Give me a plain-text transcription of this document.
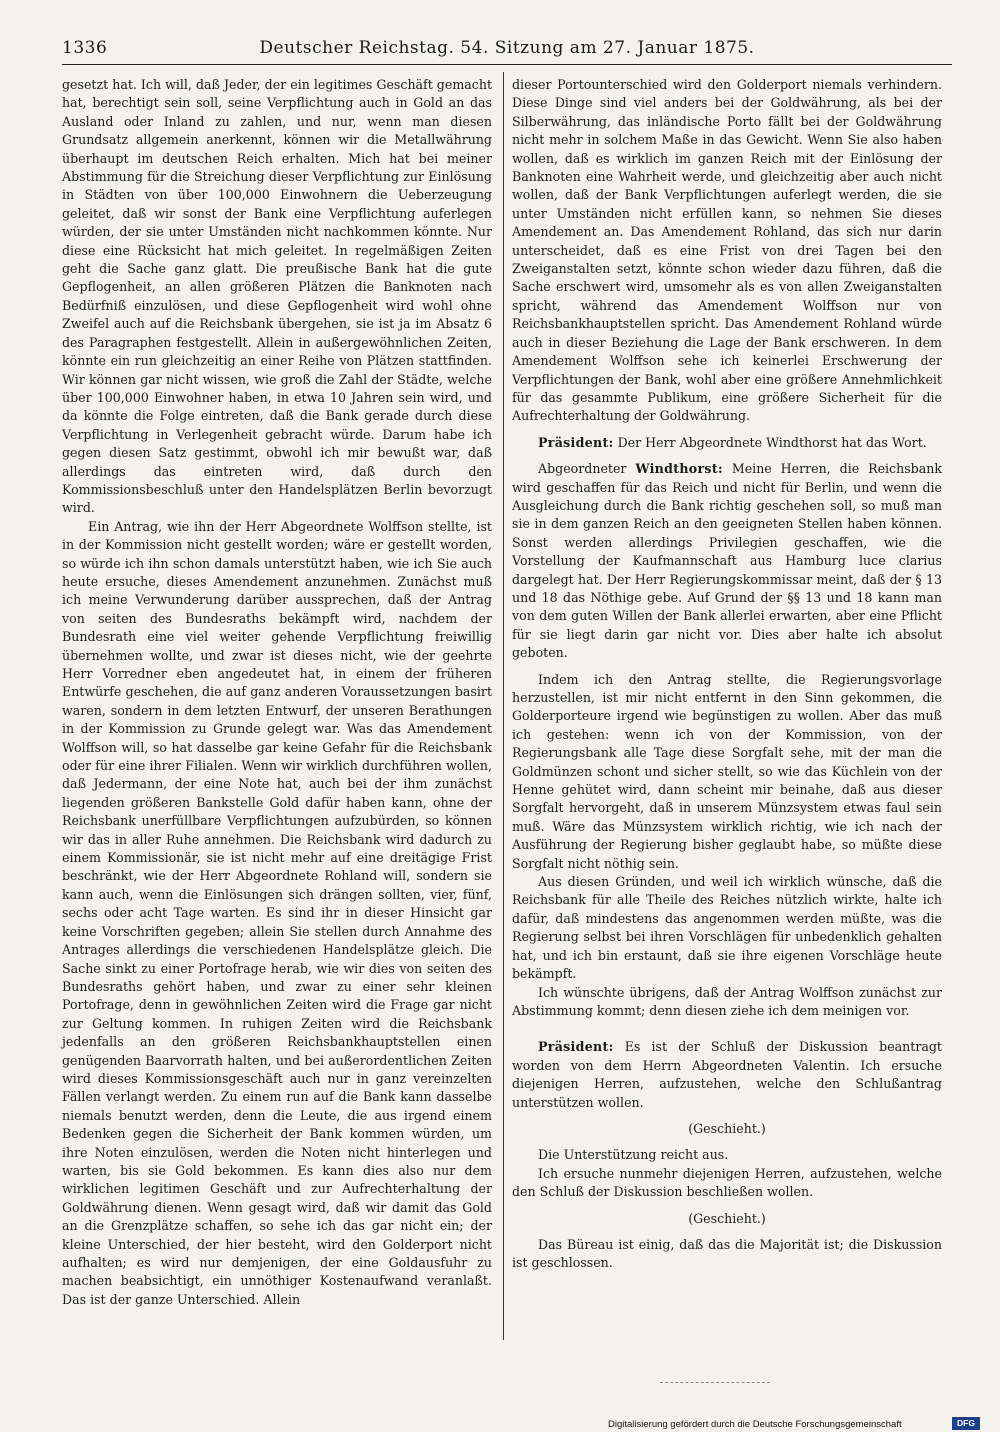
1336	Deutscher Reichstag. 54. Sitzung am 27. Januar 1875.

gesetzt hat. Ich will, daß Jeder, der ein legitimes Geschäft gemacht hat, berechtigt sein soll, seine Verpflichtung auch in Gold an das Ausland oder Inland zu zahlen, und nur, wenn man diesen Grundsatz allgemein anerkennt, können wir die Metallwährung überhaupt im deutschen Reich erhalten. Mich hat bei meiner Abstimmung für die Streichung dieser Verpflichtung zur Einlösung in Städten von über 100,000 Einwohnern die Ueberzeugung geleitet, daß wir sonst der Bank eine Verpflichtung auferlegen würden, der sie unter Umständen nicht nachkommen könnte. Nur diese eine Rücksicht hat mich geleitet. In regelmäßigen Zeiten geht die Sache ganz glatt. Die preußische Bank hat die gute Gepflogenheit, an allen größeren Plätzen die Banknoten nach Bedürfniß einzulösen, und diese Gepflogenheit wird wohl ohne Zweifel auch auf die Reichsbank übergehen, sie ist ja im Absatz 6 des Paragraphen festgestellt. Allein in außergewöhnlichen Zeiten, könnte ein run gleichzeitig an einer Reihe von Plätzen stattfinden. Wir können gar nicht wissen, wie groß die Zahl der Städte, welche über 100,000 Einwohner haben, in etwa 10 Jahren sein wird, und da könnte die Folge eintreten, daß die Bank gerade durch diese Verpflichtung in Verlegenheit gebracht würde. Darum habe ich gegen diesen Satz gestimmt, obwohl ich mir bewußt war, daß allerdings das eintreten wird, daß durch den Kommissionsbeschluß unter den Handelsplätzen Berlin bevorzugt wird.

Ein Antrag, wie ihn der Herr Abgeordnete Wolffson stellte, ist in der Kommission nicht gestellt worden; wäre er gestellt worden, so würde ich ihn schon damals unterstützt haben, wie ich Sie auch heute ersuche, dieses Amendement anzunehmen. Zunächst muß ich meine Verwunderung darüber aussprechen, daß der Antrag von seiten des Bundesraths bekämpft wird, nachdem der Bundesrath eine viel weiter gehende Verpflichtung freiwillig übernehmen wollte, und zwar ist dieses nicht, wie der geehrte Herr Vorredner eben angedeutet hat, in einem der früheren Entwürfe geschehen, die auf ganz anderen Voraussetzungen basirt waren, sondern in dem letzten Entwurf, der unseren Berathungen in der Kommission zu Grunde gelegt war. Was das Amendement Wolffson will, so hat dasselbe gar keine Gefahr für die Reichsbank oder für eine ihrer Filialen. Wenn wir wirklich durchführen wollen, daß Jedermann, der eine Note hat, auch bei der ihm zunächst liegenden größeren Bankstelle Gold dafür haben kann, ohne der Reichsbank unerfüllbare Verpflichtungen aufzubürden, so können wir das in aller Ruhe annehmen. Die Reichsbank wird dadurch zu einem Kommissionär, sie ist nicht mehr auf eine dreitägige Frist beschränkt, wie der Herr Abgeordnete Rohland will, sondern sie kann auch, wenn die Einlösungen sich drängen sollten, vier, fünf, sechs oder acht Tage warten. Es sind ihr in dieser Hinsicht gar keine Vorschriften gegeben; allein Sie stellen durch Annahme des Antrages allerdings die verschiedenen Handelsplätze gleich. Die Sache sinkt zu einer Portofrage herab, wie wir dies von seiten des Bundesraths gehört haben, und zwar zu einer sehr kleinen Portofrage, denn in gewöhnlichen Zeiten wird die Frage gar nicht zur Geltung kommen. In ruhigen Zeiten wird die Reichsbank jedenfalls an den größeren Reichsbankhauptstellen einen genügenden Baarvorrath halten, und bei außerordentlichen Zeiten wird dieses Kommissionsgeschäft auch nur in ganz vereinzelten Fällen verlangt werden. Zu einem run auf die Bank kann dasselbe niemals benutzt werden, denn die Leute, die aus irgend einem Bedenken gegen die Sicherheit der Bank kommen würden, um ihre Noten einzulösen, werden die Noten nicht hinterlegen und warten, bis sie Gold bekommen. Es kann dies also nur dem wirklichen legitimen Geschäft und zur Aufrechterhaltung der Goldwährung dienen. Wenn gesagt wird, daß wir damit das Gold an die Grenzplätze schaffen, so sehe ich das gar nicht ein; der kleine Unterschied, der hier besteht, wird den Golderport nicht aufhalten; es wird nur demjenigen, der eine Goldausfuhr zu machen beabsichtigt, ein unnöthiger Kostenaufwand veranlaßt. Das ist der ganze Unterschied. Allein

dieser Portounterschied wird den Golderport niemals verhindern. Diese Dinge sind viel anders bei der Goldwährung, als bei der Silberwährung, das inländische Porto fällt bei der Goldwährung nicht mehr in solchem Maße in das Gewicht. Wenn Sie also haben wollen, daß es wirklich im ganzen Reich mit der Einlösung der Banknoten eine Wahrheit werde, und gleichzeitig aber auch nicht wollen, daß der Bank Verpflichtungen auferlegt werden, die sie unter Umständen nicht erfüllen kann, so nehmen Sie dieses Amendement an. Das Amendement Rohland, das sich nur darin unterscheidet, daß es eine Frist von drei Tagen bei den Zweiganstalten setzt, könnte schon wieder dazu führen, daß die Sache erschwert wird, umsomehr als es von allen Zweiganstalten spricht, während das Amendement Wolffson nur von Reichsbankhauptstellen spricht. Das Amendement Rohland würde auch in dieser Beziehung die Lage der Bank erschweren. In dem Amendement Wolffson sehe ich keinerlei Erschwerung der Verpflichtungen der Bank, wohl aber eine größere Annehmlichkeit für das gesammte Publikum, eine größere Sicherheit für die Aufrechterhaltung der Goldwährung.

Präsident: Der Herr Abgeordnete Windthorst hat das Wort.

Abgeordneter Windthorst: Meine Herren, die Reichsbank wird geschaffen für das Reich und nicht für Berlin, und wenn die Ausgleichung durch die Bank richtig geschehen soll, so muß man sie in dem ganzen Reich an den geeigneten Stellen haben können. Sonst werden allerdings Privilegien geschaffen, wie die Vorstellung der Kaufmannschaft aus Hamburg luce clarius dargelegt hat. Der Herr Regierungskommissar meint, daß der § 13 und 18 das Nöthige gebe. Auf Grund der §§ 13 und 18 kann man von dem guten Willen der Bank allerlei erwarten, aber eine Pflicht für sie liegt darin gar nicht vor. Dies aber halte ich absolut geboten.

Indem ich den Antrag stellte, die Regierungsvorlage herzustellen, ist mir nicht entfernt in den Sinn gekommen, die Golderporteure irgend wie begünstigen zu wollen. Aber das muß ich gestehen: wenn ich von der Kommission, von der Regierungsbank alle Tage diese Sorgfalt sehe, mit der man die Goldmünzen schont und sicher stellt, so wie das Küchlein von der Henne gehütet wird, dann scheint mir beinahe, daß aus dieser Sorgfalt hervorgeht, daß in unserem Münzsystem etwas faul sein muß. Wäre das Münzsystem wirklich richtig, wie ich nach der Ausführung der Regierung bisher geglaubt habe, so müßte diese Sorgfalt nicht nöthig sein.

Aus diesen Gründen, und weil ich wirklich wünsche, daß die Reichsbank für alle Theile des Reiches nützlich wirkte, halte ich dafür, daß mindestens das angenommen werden müßte, was die Regierung selbst bei ihren Vorschlägen für unbedenklich gehalten hat, und ich bin erstaunt, daß sie ihre eigenen Vorschläge heute bekämpft.

Ich wünschte übrigens, daß der Antrag Wolffson zunächst zur Abstimmung kommt; denn diesen ziehe ich dem meinigen vor.

Präsident: Es ist der Schluß der Diskussion beantragt worden von dem Herrn Abgeordneten Valentin. Ich ersuche diejenigen Herren, aufzustehen, welche den Schlußantrag unterstützen wollen.

(Geschieht.)

Die Unterstützung reicht aus.

Ich ersuche nunmehr diejenigen Herren, aufzustehen, welche den Schluß der Diskussion beschließen wollen.

(Geschieht.)

Das Büreau ist einig, daß das die Majorität ist; die Diskussion ist geschlossen.

Digitalisierung gefördert durch die Deutsche Forschungsgemeinschaft	DFG
